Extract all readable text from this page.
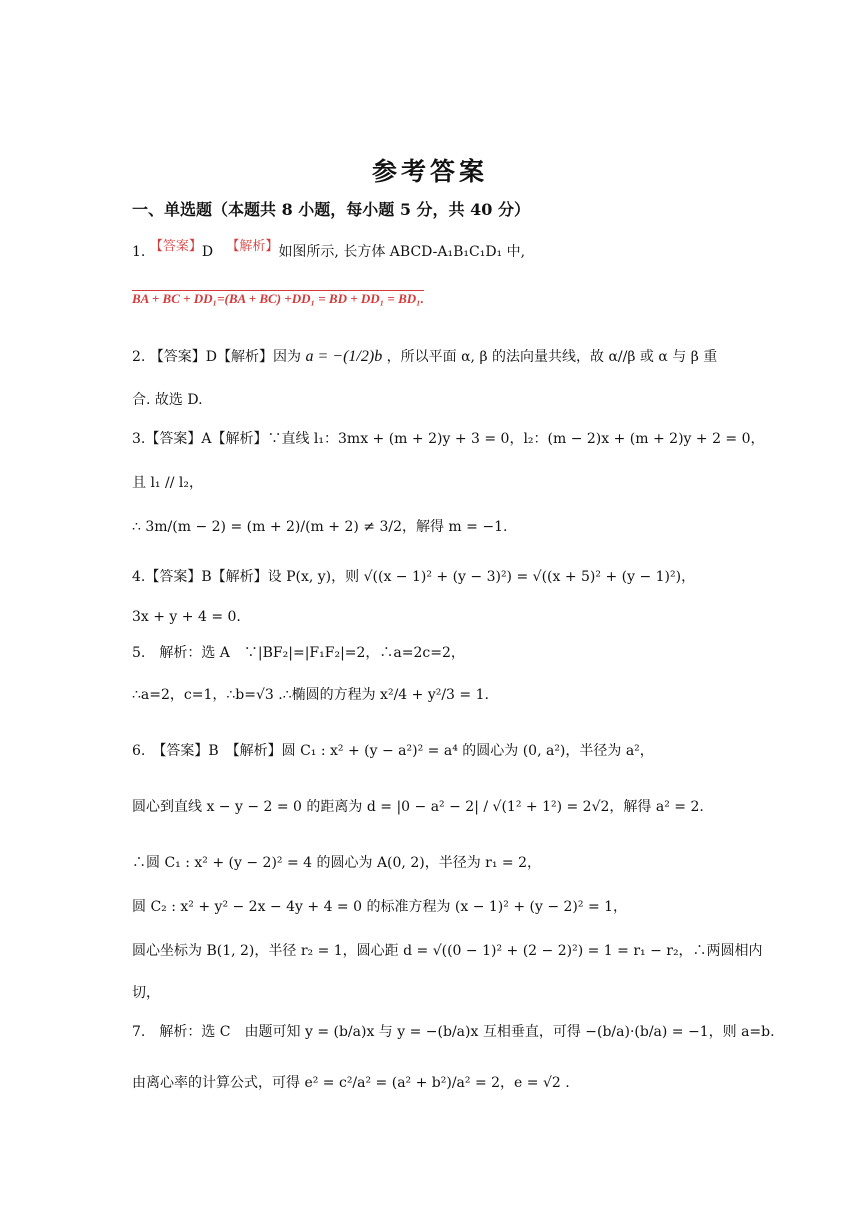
参考答案
一、单选题（本题共 8 小题，每小题 5 分，共 40 分）
1. 【答案】D 【解析】如图所示, 长方体 ABCD-A₁B₁C₁D₁ 中,
BA + BC + DD₁=(BA + BC) +DD₁ = BD + DD₁ = BD₁.
2. 【答案】D【解析】因为 a = −(1/2)b ，所以平面 α, β 的法向量共线，故 α//β 或 α 与 β 重
合. 故选 D.
3.【答案】A【解析】∵直线 l₁：3mx + (m + 2)y + 3 = 0，l₂：(m − 2)x + (m + 2)y + 2 = 0，
且 l₁ // l₂，
∴ 3m/(m − 2) = (m + 2)/(m + 2) ≠ 3/2，解得 m = −1.
4.【答案】B【解析】设 P(x, y)，则 √((x − 1)² + (y − 3)²) = √((x + 5)² + (y − 1)²)，
3x + y + 4 = 0.
5.　解析：选 A　∵|BF₂|=|F₁F₂|=2，∴a=2c=2，
∴a=2，c=1，∴b=√3 .∴椭圆的方程为 x²/4 + y²/3 = 1.
6.　【答案】B　【解析】圆 C₁ : x² + (y − a²)² = a⁴ 的圆心为 (0, a²)，半径为 a²，
圆心到直线 x − y − 2 = 0 的距离为 d = |0 − a² − 2| / √(1² + 1²) = 2√2，解得 a² = 2.
∴圆 C₁ : x² + (y − 2)² = 4 的圆心为 A(0, 2)，半径为 r₁ = 2，
圆 C₂ : x² + y² − 2x − 4y + 4 = 0 的标准方程为 (x − 1)² + (y − 2)² = 1，
圆心坐标为 B(1, 2)，半径 r₂ = 1，圆心距 d = √((0 − 1)² + (2 − 2)²) = 1 = r₁ − r₂，∴两圆相内
切，
7.　解析：选 C　由题可知 y = (b/a)x 与 y = −(b/a)x 互相垂直，可得 −(b/a)·(b/a) = −1，则 a=b.
由离心率的计算公式，可得 e² = c²/a² = (a² + b²)/a² = 2，e = √2 .
